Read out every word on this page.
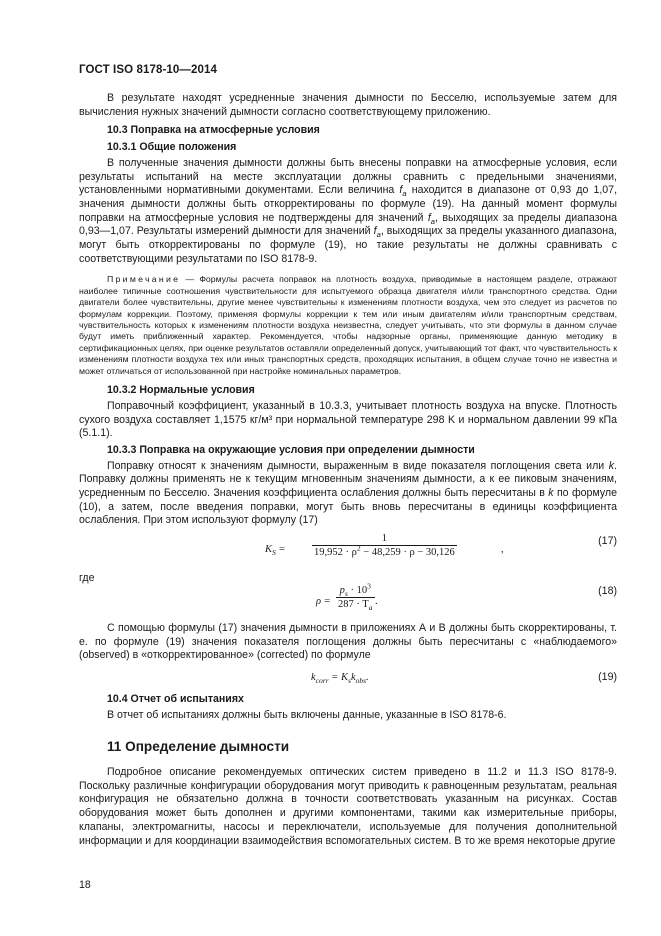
ГОСТ ISO 8178-10—2014

В результате находят усредненные значения дымности по Бесселю, используемые затем для вычисления нужных значений дымности согласно соответствующему приложению.

10.3 Поправка на атмосферные условия
10.3.1 Общие положения

В полученные значения дымности должны быть внесены поправки на атмосферные условия, если результаты испытаний на месте эксплуатации должны сравнить с предельными значениями, установленными нормативными документами. Если величина $f_a$ находится в диапазоне от 0,93 до 1,07, значения дымности должны быть откорректированы по формуле (19). На данный момент формулы поправки на атмосферные условия не подтверждены для значений $f_a$, выходящих за пределы диапазона 0,93—1,07. Результаты измерений дымности для значений $f_a$, выходящих за пределы указанного диапазона, могут быть откорректированы по формуле (19), но такие результаты не должны сравнивать с соответствующими результатами по ISO 8178-9.

Примечание — Формулы расчета поправок на плотность воздуха, приводимые в настоящем разделе, отражают наиболее типичные соотношения чувствительности для испытуемого образца двигателя и/или транспортного средства. Одни двигатели более чувствительны, другие менее чувствительны к изменениям плотности воздуха, чем это следует из расчетов по формулам коррекции. Поэтому, применяя формулы коррекции к тем или иным двигателям и/или транспортным средствам, чувствительность которых к изменениям плотности воздуха неизвестна, следует учитывать, что эти формулы в данном случае будут иметь приближенный характер. Рекомендуется, чтобы надзорные органы, применяющие данную методику в сертификационных целях, при оценке результатов оставляли определенный допуск, учитывающий тот факт, что чувствительность к изменениям плотности воздуха тех или иных транспортных средств, проходящих испытания, в общем случае точно не известна и может отличаться от использованной при настройке номинальных параметров.

10.3.2 Нормальные условия

Поправочный коэффициент, указанный в 10.3.3, учитывает плотность воздуха на впуске. Плотность сухого воздуха составляет 1,1575 кг/м³ при нормальной температуре 298 K и нормальном давлении 99 кПа (5.1.1).

10.3.3 Поправка на окружающие условия при определении дымности

Поправку относят к значениям дымности, выраженным в виде показателя поглощения света или k. Поправку должны применять не к текущим мгновенным значениям дымности, а к ее пиковым значениям, усредненным по Бесселю. Значения коэффициента ослабления должны быть пересчитаны в k по формуле (10), а затем, после введения поправки, могут быть вновь пересчитаны в единицы коэффициента ослабления. При этом используют формулу (17)

$K_S$ =	$\frac{1}{19,952 \cdot \rho^2 - 48,259 \cdot \rho - 30,126}$	,
(17)

где

$\rho = \frac{p_s \cdot 10^3}{287 \cdot T_a}$ .
(18)

С помощью формулы (17) значения дымности в приложениях А и В должны быть скорректированы, т. е. по формуле (19) значения показателя поглощения должны быть пересчитаны с «наблюдаемого» (observed) в «откорректированное» (corrected) по формуле

$k_{corr} = K_sk_{obs}$.	(19)
10.4 Отчет об испытаниях

В отчет об испытаниях должны быть включены данные, указанные в ISO 8178-6.

11 Определение дымности

Подробное описание рекомендуемых оптических систем приведено в 11.2 и 11.3 ISO 8178-9. Поскольку различные конфигурации оборудования могут приводить к равноценным результатам, реальная конфигурация не обязательно должна в точности соответствовать указанным на рисунках. Состав оборудования может быть дополнен и другими компонентами, такими как измерительные приборы, клапаны, электромагниты, насосы и переключатели, используемые для получения дополнительной информации и для координации взаимодействия вспомогательных систем. В то же время некоторые другие

18
